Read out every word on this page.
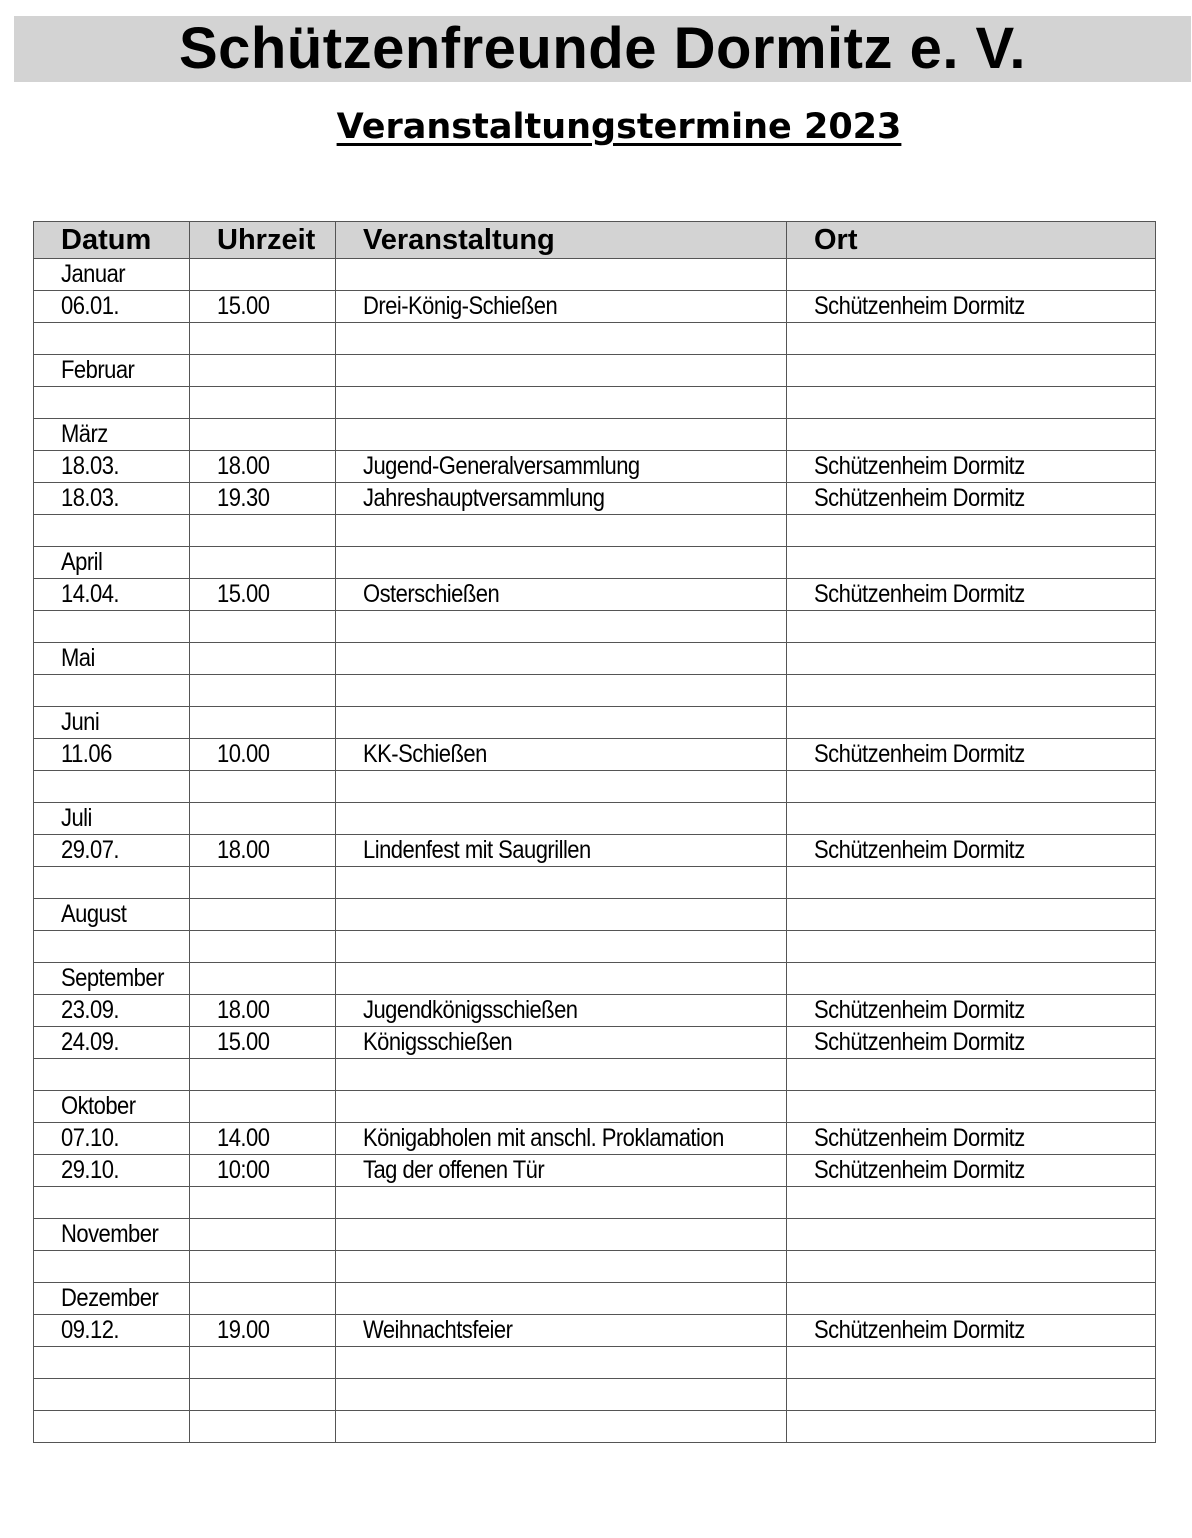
Schützenfreunde Dormitz e. V.
Veranstaltungstermine 2023
Datum	Uhrzeit	Veranstaltung	Ort
Januar			
06.01.	15.00	Drei-König-Schießen	Schützenheim Dormitz

Februar			

März			
18.03.	18.00	Jugend-Generalversammlung	Schützenheim Dormitz
18.03.	19.30	Jahreshauptversammlung	Schützenheim Dormitz

April			
14.04.	15.00	Osterschießen	Schützenheim Dormitz

Mai			

Juni			
11.06	10.00	KK-Schießen	Schützenheim Dormitz

Juli			
29.07.	18.00	Lindenfest mit Saugrillen	Schützenheim Dormitz

August			

September			
23.09.	18.00	Jugendkönigsschießen	Schützenheim Dormitz
24.09.	15.00	Königsschießen	Schützenheim Dormitz

Oktober			
07.10.	14.00	Königabholen mit anschl. Proklamation	Schützenheim Dormitz
29.10.	10:00	Tag der offenen Tür	Schützenheim Dormitz

November			

Dezember			
09.12.	19.00	Weihnachtsfeier	Schützenheim Dormitz
